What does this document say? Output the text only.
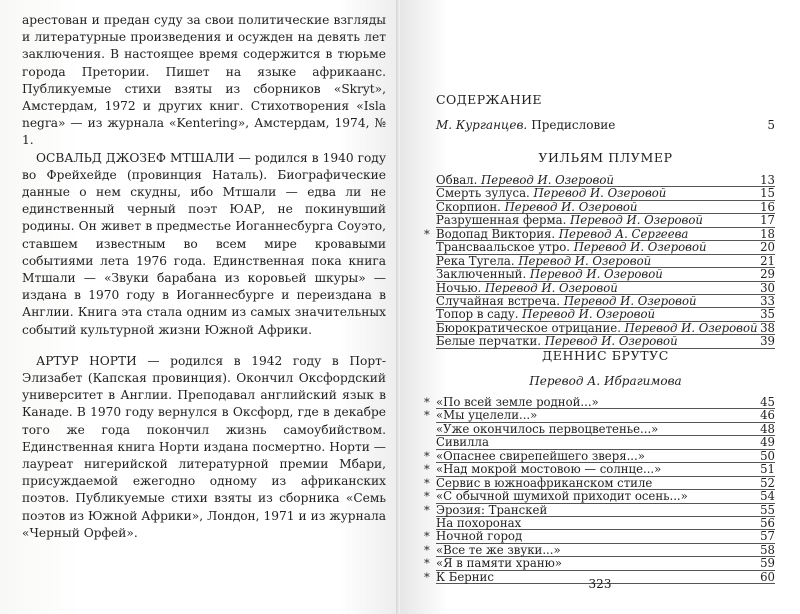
арестован и предан суду за свои политические взгляды и литературные произведения и осужден на девять лет заключения. В настоящее время содержится в тюрьме города Претории. Пишет на языке африкаанс. Публикуемые стихи взяты из сборников «Skryt», Амстердам, 1972 и других книг. Стихотворения «Isla negra» — из журнала «Kentering», Амстердам, 1974, № 1.

ОСВАЛЬД ДЖОЗЕФ МТШАЛИ — родился в 1940 году во Фрейхейде (провинция Наталь). Биографические данные о нем скудны, ибо Мтшали — едва ли не единственный черный поэт ЮАР, не покинувший родины. Он живет в предместье Иоганнесбурга Соуэто, ставшем известным во всем мире кровавыми событиями лета 1976 года. Единственная пока книга Мтшали — «Звуки барабана из коровьей шкуры» — издана в 1970 году в Иоганнесбурге и переиздана в Англии. Книга эта стала одним из самых значительных событий культурной жизни Южной Африки.

АРТУР НОРТИ — родился в 1942 году в Порт-Элизабет (Капская провинция). Окончил Оксфордский университет в Англии. Преподавал английский язык в Канаде. В 1970 году вернулся в Оксфорд, где в декабре того же года покончил жизнь самоубийством. Единственная книга Норти издана посмертно. Норти — лауреат нигерийской литературной премии Мбари, присуждаемой ежегодно одному из африканских поэтов. Публикуемые стихи взяты из сборника «Семь поэтов из Южной Африки», Лондон, 1971 и из журнала «Черный Орфей».

СОДЕРЖАНИЕ
М. Курганцев. Предисловие	5
УИЛЬЯМ ПЛУМЕР
Обвал. Перевод И. Озеровой	13
Смерть зулуса. Перевод И. Озеровой	15
Скорпион. Перевод И. Озеровой	16
Разрушенная ферма. Перевод И. Озеровой	17
* Водопад Виктория. Перевод А. Сергеева	18
Трансваальское утро. Перевод И. Озеровой	20
Река Тугела. Перевод И. Озеровой	21
Заключенный. Перевод И. Озеровой	29
Ночью. Перевод И. Озеровой	30
Случайная встреча. Перевод И. Озеровой	33
Топор в саду. Перевод И. Озеровой	35
Бюрократическое отрицание. Перевод И. Озеровой 38
Белые перчатки. Перевод И. Озеровой	39
ДЕННИС БРУТУС
Перевод А. Ибрагимова
* «По всей земле родной...»	45
* «Мы уцелели...»	46
«Уже окончилось первоцветенье...»	48
Сивилла	49
* «Опаснее свирепейшего зверя...»	50
* «Над мокрой мостовою — солнце...»	51
* Сервис в южноафриканском стиле	52
* «С обычной шумихой приходит осень...»	54
* Эрозия: Транскей	55
На похоронах	56
* Ночной город	57
* «Все те же звуки...»	58
* «Я в памяти храню»	59
* К Бернис	60
323
